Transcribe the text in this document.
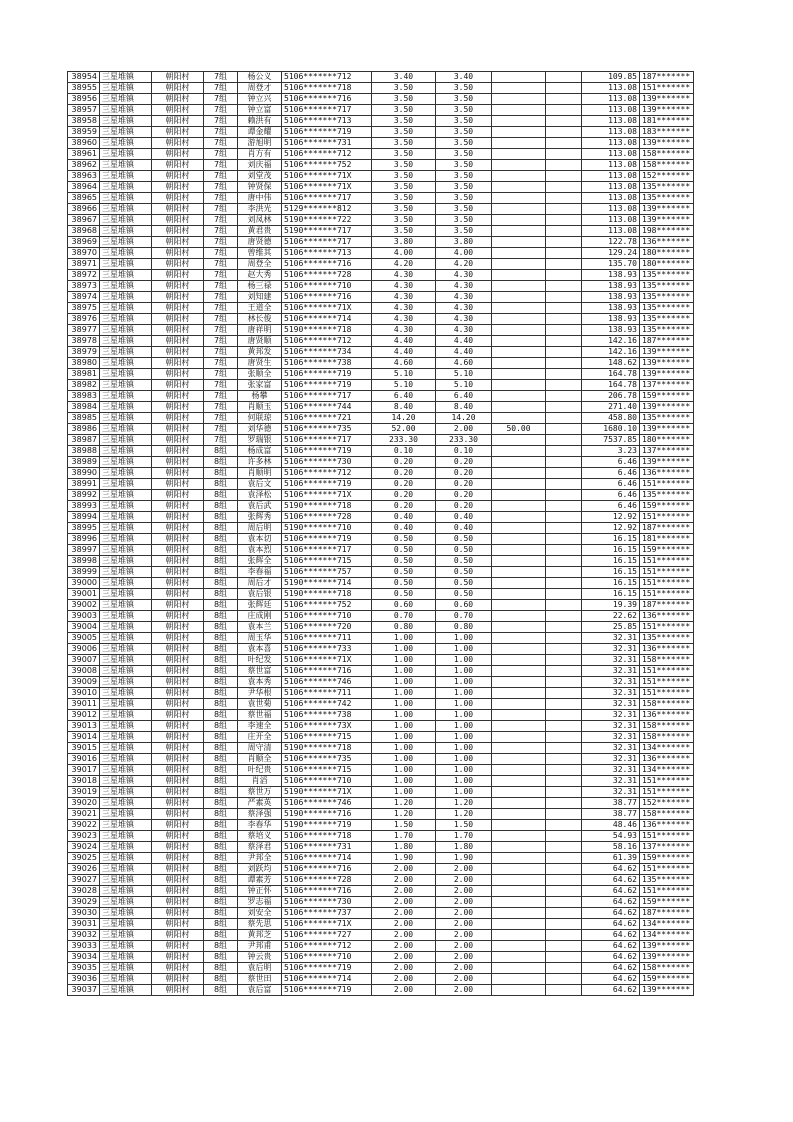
38954	三星堆镇	朝阳村	7组	杨公义	5106*******712	3.40	3.40			109.85	187*******
38955	三星堆镇	朝阳村	7组	周登才	5106*******718	3.50	3.50			113.08	151*******
38956	三星堆镇	朝阳村	7组	钟立兴	5106*******716	3.50	3.50			113.08	139*******
38957	三星堆镇	朝阳村	7组	钟立富	5106*******717	3.50	3.50			113.08	139*******
38958	三星堆镇	朝阳村	7组	赖洪有	5106*******713	3.50	3.50			113.08	181*******
38959	三星堆镇	朝阳村	7组	谭金耀	5106*******719	3.50	3.50			113.08	183*******
38960	三星堆镇	朝阳村	7组	游旭明	5106*******731	3.50	3.50			113.08	139*******
38961	三星堆镇	朝阳村	7组	肖方有	5106*******712	3.50	3.50			113.08	158*******
38962	三星堆镇	朝阳村	7组	刘庆福	5106*******752	3.50	3.50			113.08	158*******
38963	三星堆镇	朝阳村	7组	刘堂茂	5106*******71X	3.50	3.50			113.08	152*******
38964	三星堆镇	朝阳村	7组	钟贤保	5106*******71X	3.50	3.50			113.08	135*******
38965	三星堆镇	朝阳村	7组	唐中伟	5106*******717	3.50	3.50			113.08	135*******
38966	三星堆镇	朝阳村	7组	李洪光	5129*******812	3.50	3.50			113.08	139*******
38967	三星堆镇	朝阳村	7组	刘凤林	5190*******722	3.50	3.50			113.08	139*******
38968	三星堆镇	朝阳村	7组	黄君贵	5190*******717	3.50	3.50			113.08	198*******
38969	三星堆镇	朝阳村	7组	唐贤德	5106*******717	3.80	3.80			122.78	136*******
38970	三星堆镇	朝阳村	7组	曾维其	5106*******713	4.00	4.00			129.24	180*******
38971	三星堆镇	朝阳村	7组	周登全	5106*******716	4.20	4.20			135.70	180*******
38972	三星堆镇	朝阳村	7组	赵大秀	5106*******728	4.30	4.30			138.93	135*******
38973	三星堆镇	朝阳村	7组	杨三禄	5106*******710	4.30	4.30			138.93	135*******
38974	三星堆镇	朝阳村	7组	刘知建	5106*******716	4.30	4.30			138.93	135*******
38975	三星堆镇	朝阳村	7组	王道全	5106*******71X	4.30	4.30			138.93	135*******
38976	三星堆镇	朝阳村	7组	林长俊	5106*******714	4.30	4.30			138.93	135*******
38977	三星堆镇	朝阳村	7组	唐祥明	5190*******718	4.30	4.30			138.93	135*******
38978	三星堆镇	朝阳村	7组	唐贤顺	5106*******712	4.40	4.40			142.16	187*******
38979	三星堆镇	朝阳村	7组	黄邦发	5106*******734	4.40	4.40			142.16	139*******
38980	三星堆镇	朝阳村	7组	唐贤生	5106*******738	4.60	4.60			148.62	139*******
38981	三星堆镇	朝阳村	7组	张顺全	5106*******719	5.10	5.10			164.78	139*******
38982	三星堆镇	朝阳村	7组	张家富	5106*******719	5.10	5.10			164.78	137*******
38983	三星堆镇	朝阳村	7组	杨攀	5106*******717	6.40	6.40			206.78	159*******
38984	三星堆镇	朝阳村	7组	肖顺玉	5106*******744	8.40	8.40			271.40	139*******
38985	三星堆镇	朝阳村	7组	何联琼	5106*******721	14.20	14.20			458.80	135*******
38986	三星堆镇	朝阳村	7组	刘华德	5106*******735	52.00	2.00	50.00		1680.10	139*******
38987	三星堆镇	朝阳村	7组	罗瑞银	5106*******717	233.30	233.30			7537.85	180*******
38988	三星堆镇	朝阳村	8组	杨成富	5106*******719	0.10	0.10			3.23	137*******
38989	三星堆镇	朝阳村	8组	许多林	5106*******730	0.20	0.20			6.46	139*******
38990	三星堆镇	朝阳村	8组	肖顺明	5106*******712	0.20	0.20			6.46	136*******
38991	三星堆镇	朝阳村	8组	袁后文	5106*******719	0.20	0.20			6.46	151*******
38992	三星堆镇	朝阳村	8组	袁泽松	5106*******71X	0.20	0.20			6.46	135*******
38993	三星堆镇	朝阳村	8组	袁后武	5190*******718	0.20	0.20			6.46	159*******
38994	三星堆镇	朝阳村	8组	张辉秀	5106*******728	0.40	0.40			12.92	151*******
38995	三星堆镇	朝阳村	8组	周后明	5190*******710	0.40	0.40			12.92	187*******
38996	三星堆镇	朝阳村	8组	袁本切	5106*******719	0.50	0.50			16.15	181*******
38997	三星堆镇	朝阳村	8组	袁本烈	5106*******717	0.50	0.50			16.15	159*******
38998	三星堆镇	朝阳村	8组	张辉全	5106*******715	0.50	0.50			16.15	151*******
38999	三星堆镇	朝阳村	8组	李春福	5106*******757	0.50	0.50			16.15	151*******
39000	三星堆镇	朝阳村	8组	周后才	5190*******714	0.50	0.50			16.15	151*******
39001	三星堆镇	朝阳村	8组	袁后银	5190*******718	0.50	0.50			16.15	151*******
39002	三星堆镇	朝阳村	8组	张辉廷	5106*******752	0.60	0.60			19.39	187*******
39003	三星堆镇	朝阳村	8组	庄成刚	5106*******710	0.70	0.70			22.62	136*******
39004	三星堆镇	朝阳村	8组	袁本兰	5106*******720	0.80	0.80			25.85	151*******
39005	三星堆镇	朝阳村	8组	周玉华	5106*******711	1.00	1.00			32.31	135*******
39006	三星堆镇	朝阳村	8组	袁本喜	5106*******733	1.00	1.00			32.31	136*******
39007	三星堆镇	朝阳村	8组	叶纪发	5106*******71X	1.00	1.00			32.31	158*******
39008	三星堆镇	朝阳村	8组	蔡世富	5106*******716	1.00	1.00			32.31	151*******
39009	三星堆镇	朝阳村	8组	袁本秀	5106*******746	1.00	1.00			32.31	151*******
39010	三星堆镇	朝阳村	8组	尹华根	5106*******711	1.00	1.00			32.31	151*******
39011	三星堆镇	朝阳村	8组	袁世菊	5106*******742	1.00	1.00			32.31	158*******
39012	三星堆镇	朝阳村	8组	蔡世福	5106*******738	1.00	1.00			32.31	136*******
39013	三星堆镇	朝阳村	8组	李速全	5106*******73X	1.00	1.00			32.31	158*******
39014	三星堆镇	朝阳村	8组	庄开全	5106*******715	1.00	1.00			32.31	158*******
39015	三星堆镇	朝阳村	8组	周守清	5190*******718	1.00	1.00			32.31	134*******
39016	三星堆镇	朝阳村	8组	肖顺全	5106*******735	1.00	1.00			32.31	136*******
39017	三星堆镇	朝阳村	8组	叶纪贵	5106*******715	1.00	1.00			32.31	134*******
39018	三星堆镇	朝阳村	8组	肖滔	5106*******710	1.00	1.00			32.31	151*******
39019	三星堆镇	朝阳村	8组	蔡世万	5190*******71X	1.00	1.00			32.31	151*******
39020	三星堆镇	朝阳村	8组	严素英	5106*******746	1.20	1.20			38.77	152*******
39021	三星堆镇	朝阳村	8组	蔡泽强	5190*******716	1.20	1.20			38.77	158*******
39022	三星堆镇	朝阳村	8组	李春华	5190*******719	1.50	1.50			48.46	136*******
39023	三星堆镇	朝阳村	8组	蔡培义	5106*******718	1.70	1.70			54.93	151*******
39024	三星堆镇	朝阳村	8组	蔡泽君	5106*******731	1.80	1.80			58.16	137*******
39025	三星堆镇	朝阳村	8组	尹邦全	5106*******714	1.90	1.90			61.39	159*******
39026	三星堆镇	朝阳村	8组	刘跃均	5106*******716	2.00	2.00			64.62	151*******
39027	三星堆镇	朝阳村	8组	谭素芳	5106*******728	2.00	2.00			64.62	135*******
39028	三星堆镇	朝阳村	8组	钟正怀	5106*******716	2.00	2.00			64.62	151*******
39029	三星堆镇	朝阳村	8组	罗志福	5106*******730	2.00	2.00			64.62	159*******
39030	三星堆镇	朝阳村	8组	刘安全	5106*******737	2.00	2.00			64.62	187*******
39031	三星堆镇	朝阳村	8组	蔡先思	5106*******71X	2.00	2.00			64.62	134*******
39032	三星堆镇	朝阳村	8组	黄邦芝	5106*******727	2.00	2.00			64.62	134*******
39033	三星堆镇	朝阳村	8组	尹邦甫	5106*******712	2.00	2.00			64.62	139*******
39034	三星堆镇	朝阳村	8组	钟云贵	5106*******710	2.00	2.00			64.62	139*******
39035	三星堆镇	朝阳村	8组	袁后明	5106*******719	2.00	2.00			64.62	158*******
39036	三星堆镇	朝阳村	8组	蔡世田	5106*******714	2.00	2.00			64.62	159*******
39037	三星堆镇	朝阳村	8组	袁后富	5106*******719	2.00	2.00			64.62	139*******
